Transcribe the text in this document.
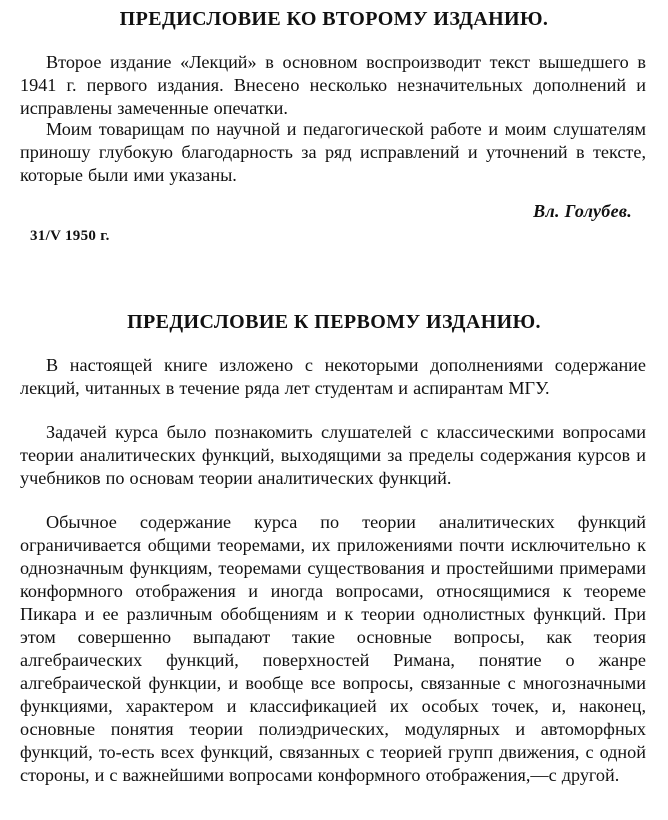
ПРЕДИСЛОВИЕ КО ВТОРОМУ ИЗДАНИЮ.

Второе издание «Лекций» в основном воспроизводит текст вышедшего в 1941 г. первого издания. Внесено несколько незначительных дополнений и исправлены замеченные опечатки.

Моим товарищам по научной и педагогической работе и моим слушателям приношу глубокую благодарность за ряд исправлений и уточнений в тексте, которые были ими указаны.

Вл. Голубев.

31/V 1950 г.

ПРЕДИСЛОВИЕ К ПЕРВОМУ ИЗДАНИЮ.

В настоящей книге изложено с некоторыми дополнениями содержание лекций, читанных в течение ряда лет студентам и аспирантам МГУ.

Задачей курса было познакомить слушателей с классическими вопросами теории аналитических функций, выходящими за пределы содержания курсов и учебников по основам теории аналитических функций.

Обычное содержание курса по теории аналитических функций ограничивается общими теоремами, их приложениями почти исключительно к однозначным функциям, теоремами существования и простейшими примерами конформного отображения и иногда вопросами, относящимися к теореме Пикара и ее различным обобщениям и к теории однолистных функций. При этом совершенно выпадают такие основные вопросы, как теория алгебраических функций, поверхностей Римана, понятие о жанре алгебраической функции, и вообще все вопросы, связанные с многозначными функциями, характером и классификацией их особых точек, и, наконец, основные понятия теории полиэдрических, модулярных и автоморфных функций, то-есть всех функций, связанных с теорией групп движения, с одной стороны, и с важнейшими вопросами конформного отображения,—с другой.
